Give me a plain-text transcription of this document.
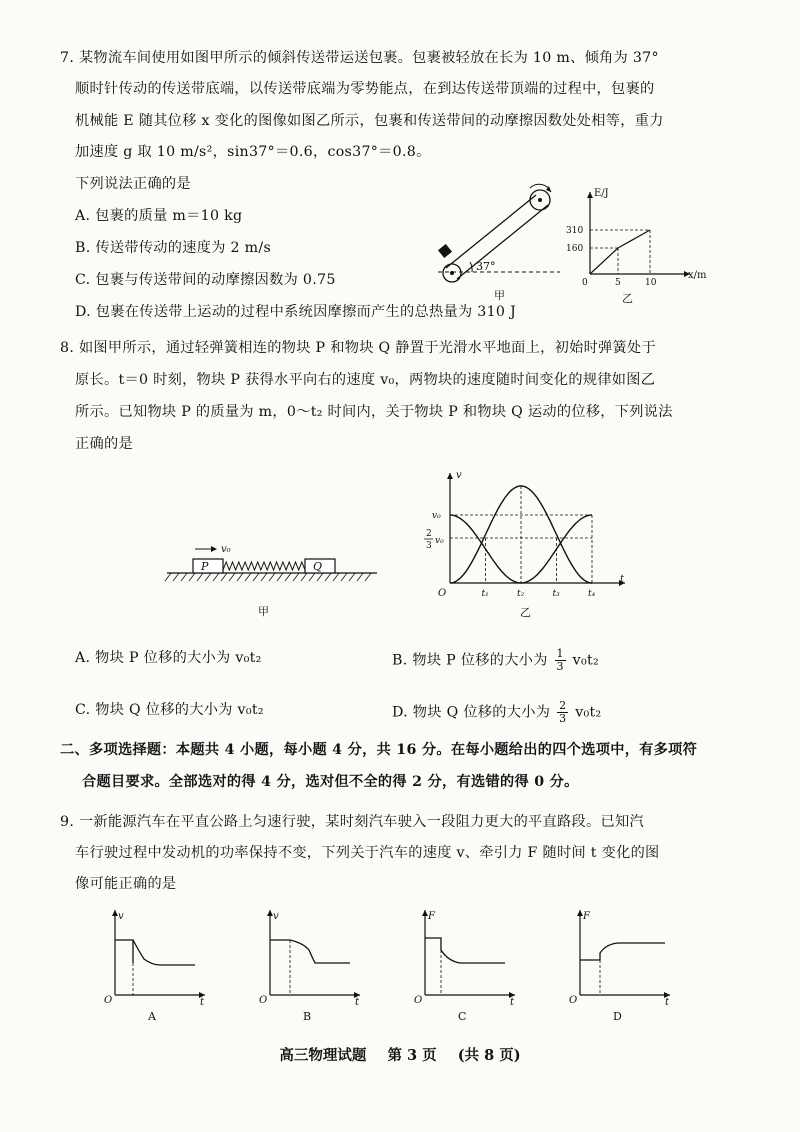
7. 某物流车间使用如图甲所示的倾斜传送带运送包裹。包裹被轻放在长为 10 m、倾角为 37°
顺时针传动的传送带底端，以传送带底端为零势能点，在到达传送带顶端的过程中，包裹的
机械能 E 随其位移 x 变化的图像如图乙所示，包裹和传送带间的动摩擦因数处处相等，重力
加速度 g 取 10 m/s²，sin37°＝0.6，cos37°＝0.8。
下列说法正确的是
A. 包裹的质量 m＝10 kg
B. 传送带传动的速度为 2 m/s
C. 包裹与传送带间的动摩擦因数为 0.75
D. 包裹在传送带上运动的过程中系统因摩擦而产生的总热量为 310 J
37°
甲
E/J
x/m
0
310
160
5	10
乙
8. 如图甲所示，通过轻弹簧相连的物块 P 和物块 Q 静置于光滑水平地面上，初始时弹簧处于
原长。t＝0 时刻，物块 P 获得水平向右的速度 v₀，两物块的速度随时间变化的规律如图乙
所示。已知物块 P 的质量为 m，0～t₂ 时间内，关于物块 P 和物块 Q 运动的位移，下列说法
正确的是
P	Q
v₀
甲
v
O
t
v₀
2
3 v₀
t₁	t₂	t₃	t₄
乙
A. 物块 P 位移的大小为 v₀t₂	B. 物块 P 位移的大小为 $\frac{1}{3} v_0t_2$
C. 物块 Q 位移的大小为 v₀t₂	D. 物块 Q 位移的大小为 $\frac{2}{3} v_0t_2$
二、多项选择题：本题共 4 小题，每小题 4 分，共 16 分。在每小题给出的四个选项中，有多项符
合题目要求。全部选对的得 4 分，选对但不全的得 2 分，有选错的得 0 分。
9. 一新能源汽车在平直公路上匀速行驶，某时刻汽车驶入一段阻力更大的平直路段。已知汽
车行驶过程中发动机的功率保持不变，下列关于汽车的速度 v、牵引力 F 随时间 t 变化的图
像可能正确的是
v
O	t
A
v
O	t
B
F
O	t
C
F
O	t
D
高三物理试题 第 3 页 (共 8 页)
